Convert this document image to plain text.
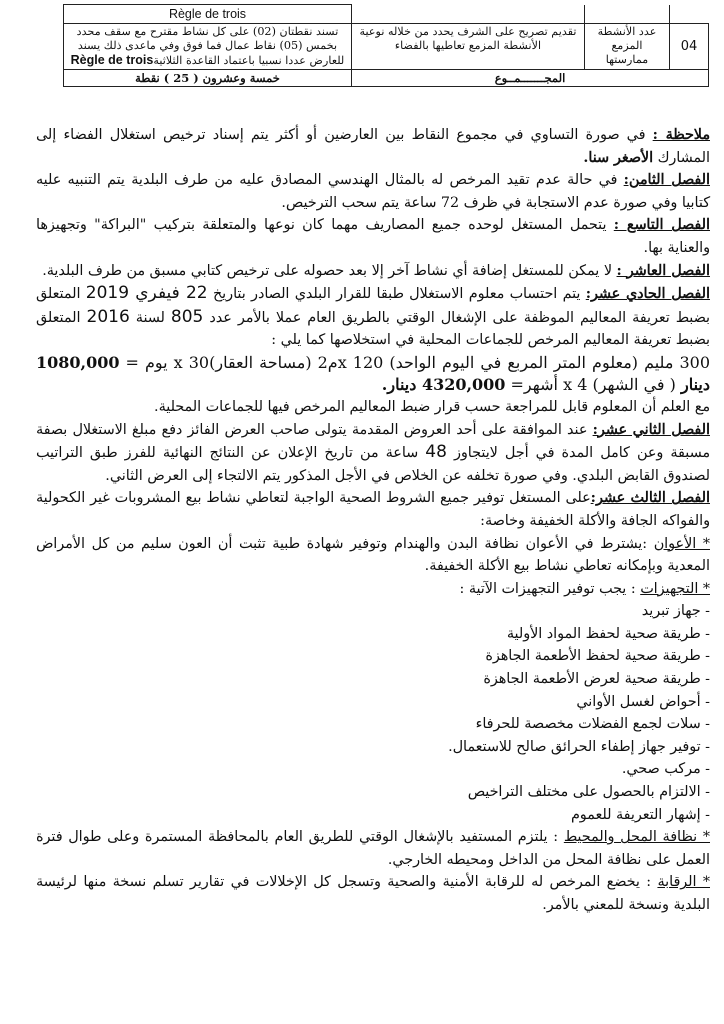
			Règle de trois
04	عدد الأنشطة المزمع ممارستها	تقديم تصريح على الشرف يحدد من خلاله نوعية الأنشطة المزمع تعاطيها بالفضاء	تسند نقطتان (02) على كل نشاط مقترح مع سقف محدد بخمس (05) نقاط عمال فما فوق وفي ماعدى ذلك يسند للعارض عددا نسبيا باعتماد القاعدة الثلاثيةRègle de trois
المجـــــــمــوع			خمسة وعشرون ( 25 ) نقطة

ملاحظة : في صورة التساوي في مجموع النقاط بين العارضين أو أكثر يتم إسناد ترخيص استغلال الفضاء إلى المشارك الأصغر سنا.

الفصل الثامن: في حالة عدم تقيد المرخص له بالمثال الهندسي المصادق عليه من طرف البلدية يتم التنبيه عليه كتابيا وفي صورة عدم الاستجابة في ظرف 72 ساعة يتم سحب الترخيص.

الفصل التاسع : يتحمل المستغل لوحده جميع المصاريف مهما كان نوعها والمتعلقة بتركيب "البراكة" وتجهيزها والعناية بها.

الفصل العاشر : لا يمكن للمستغل إضافة أي نشاط آخر إلا بعد حصوله على ترخيص كتابي مسبق من طرف البلدية.

الفصل الحادي عشر: يتم احتساب معلوم الاستغلال طبقا للقرار البلدي الصادر بتاريخ 22 فيفري 2019 المتعلق بضبط تعريفة المعاليم الموظفة على الإشغال الوقتي بالطريق العام عملا بالأمر عدد 805 لسنة 2016 المتعلق بضبط تعريفة المعاليم المرخص للجماعات المحلية في استخلاصها كما يلي :

300 مليم (معلوم المتر المربع في اليوم الواحد) x 120م2 (مساحة العقار)x 30 يوم = 1080,000 دينار ( في الشهر) x 4 أشهر= 4320,000 دينار.

مع العلم أن المعلوم قابل للمراجعة حسب قرار ضبط المعاليم المرخص فيها للجماعات المحلية.

الفصل الثاني عشر: عند الموافقة على أحد العروض المقدمة يتولى صاحب العرض الفائز دفع مبلغ الاستغلال بصفة مسبقة وعن كامل المدة في أجل لايتجاوز 48 ساعة من تاريخ الإعلان عن النتائج النهائية للفرز طبق التراتيب لصندوق القابض البلدي. وفي صورة تخلفه عن الخلاص في الأجل المذكور يتم الالتجاء إلى العرض الثاني.

الفصل الثالث عشر:على المستغل توفير جميع الشروط الصحية الواجبة لتعاطي نشاط بيع المشروبات غير الكحولية والفواكه الجافة والأكلة الخفيفة وخاصة:

* الأعوان :يشترط في الأعوان نظافة البدن والهندام وتوفير شهادة طبية تثبت أن العون سليم من كل الأمراض المعدية وبإمكانه تعاطي نشاط بيع الأكلة الخفيفة.

* التجهيزات : يجب توفير التجهيزات الآتية :

- جهاز تبريد
- طريقة صحية لحفظ المواد الأولية
- طريقة صحية لحفظ الأطعمة الجاهزة
- طريقة صحية لعرض الأطعمة الجاهزة
- أحواض لغسل الأواني
- سلات لجمع الفضلات مخصصة للحرفاء
- توفير جهاز إطفاء الحرائق صالح للاستعمال.
- مركب صحي.
- الالتزام بالحصول على مختلف التراخيص
- إشهار التعريفة للعموم

* نظافة المحل والمحيط : يلتزم المستفيد بالإشغال الوقتي للطريق العام بالمحافظة المستمرة وعلى طوال فترة العمل على نظافة المحل من الداخل ومحيطه الخارجي.

* الرقابة : يخضع المرخص له للرقابة الأمنية والصحية وتسجل كل الإخلالات في تقارير تسلم نسخة منها لرئيسة البلدية ونسخة للمعني بالأمر.
